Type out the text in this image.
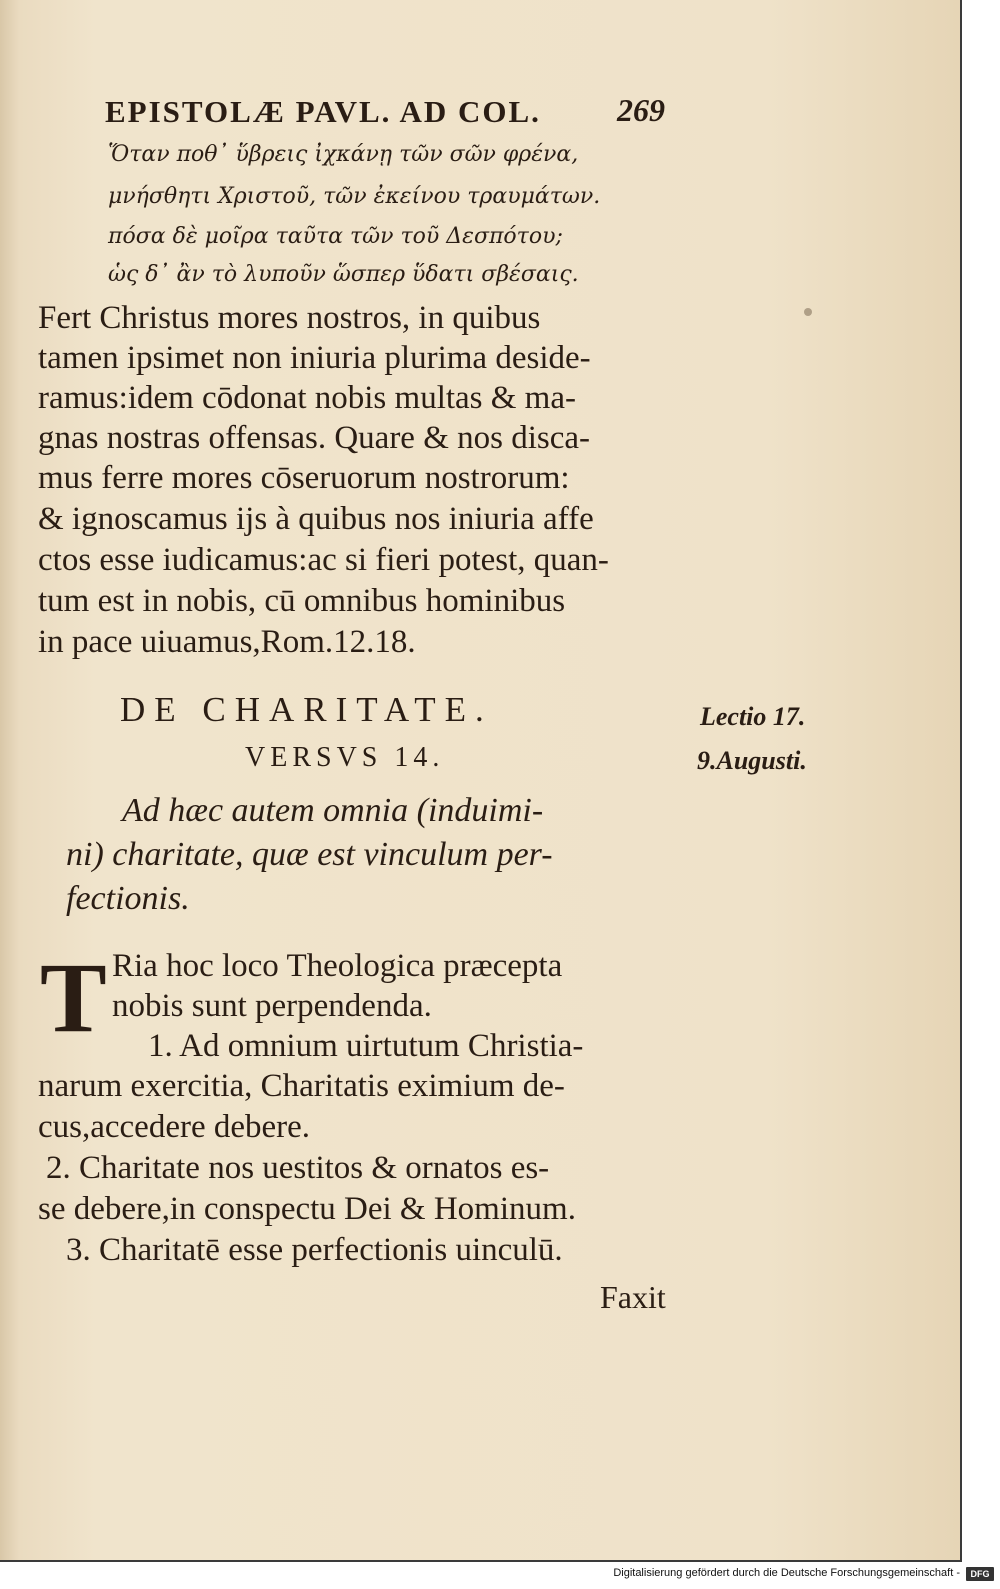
EPISTOLÆ PAVL. AD COL. 269
Ὅταν ποθ᾽ ὕβρεις ἰχκάνῃ τῶν σῶν φρένα,
μνήσθητι Χριστοῦ, τῶν ἐκείνου τραυμάτων.
πόσα δὲ μοῖρα ταῦτα τῶν τοῦ Δεσπότου;
ὡς δ᾽ ἂν τὸ λυποῦν ὥσπερ ὕδατι σβέσαις.
Fert Christus mores nostros, in quibus
tamen ipsimet non iniuria plurima deside-
ramus:idem cōdonat nobis multas & ma-
gnas nostras offensas. Quare & nos disca-
mus ferre mores cōseruorum nostrorum:
& ignoscamus ijs à quibus nos iniuria affe
ctos esse iudicamus:ac si fieri potest, quan-
tum est in nobis, cū omnibus hominibus
in pace uiuamus,Rom.12.18.
DE CHARITATE.
VERSVS 14.
Lectio 17.
9.Augusti.
Ad hæc autem omnia (induimi-
ni) charitate, quæ est vinculum per-
fectionis.
T Ria hoc loco Theologica præcepta
nobis sunt perpendenda.
1. Ad omnium uirtutum Christia-
narum exercitia, Charitatis eximium de-
cus,accedere debere.
2. Charitate nos uestitos & ornatos es-
se debere,in conspectu Dei & Hominum.
3. Charitatē esse perfectionis uinculū.
Faxit
Digitalisierung gefördert durch die Deutsche Forschungsgemeinschaft -	DFG
